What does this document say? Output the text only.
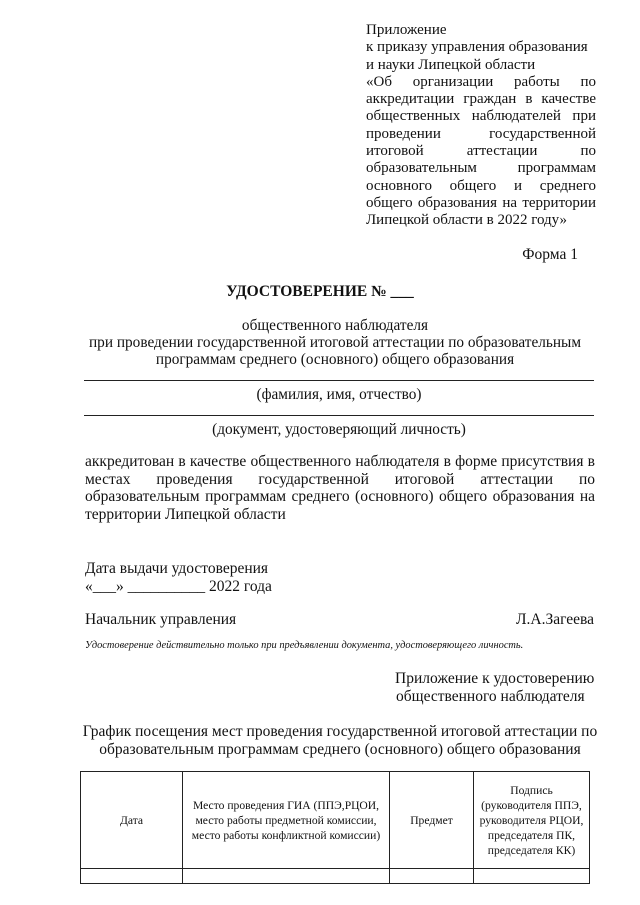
Приложение
к приказу управления образования
и науки Липецкой области
«Об организации работы по
аккредитации граждан в качестве
общественных наблюдателей при
проведении государственной
итоговой аттестации по
образовательным программам
основного общего и среднего
общего образования на территории
Липецкой области в 2022 году»
Форма 1
УДОСТОВЕРЕНИЕ № ___
общественного наблюдателя
при проведении государственной итоговой аттестации по образовательным
программам среднего (основного) общего образования
(фамилия, имя, отчество)
(документ, удостоверяющий личность)
аккредитован в качестве общественного наблюдателя в форме присутствия в местах проведения государственной итоговой аттестации по образовательным программам среднего (основного) общего образования на территории Липецкой области
Дата выдачи удостоверения
«___» __________ 2022 года
Начальник управления	Л.А.Загеева
Удостоверение действительно только при предъявлении документа, удостоверяющего личность.
Приложение к удостоверению
общественного наблюдателя
График посещения мест проведения государственной итоговой аттестации по
образовательным программам среднего (основного) общего образования
Дата	Место проведения ГИА (ППЭ,РЦОИ, место работы предметной комиссии, место работы конфликтной комиссии)	Предмет	Подпись (руководителя ППЭ, руководителя РЦОИ, председателя ПК, председателя КК)
